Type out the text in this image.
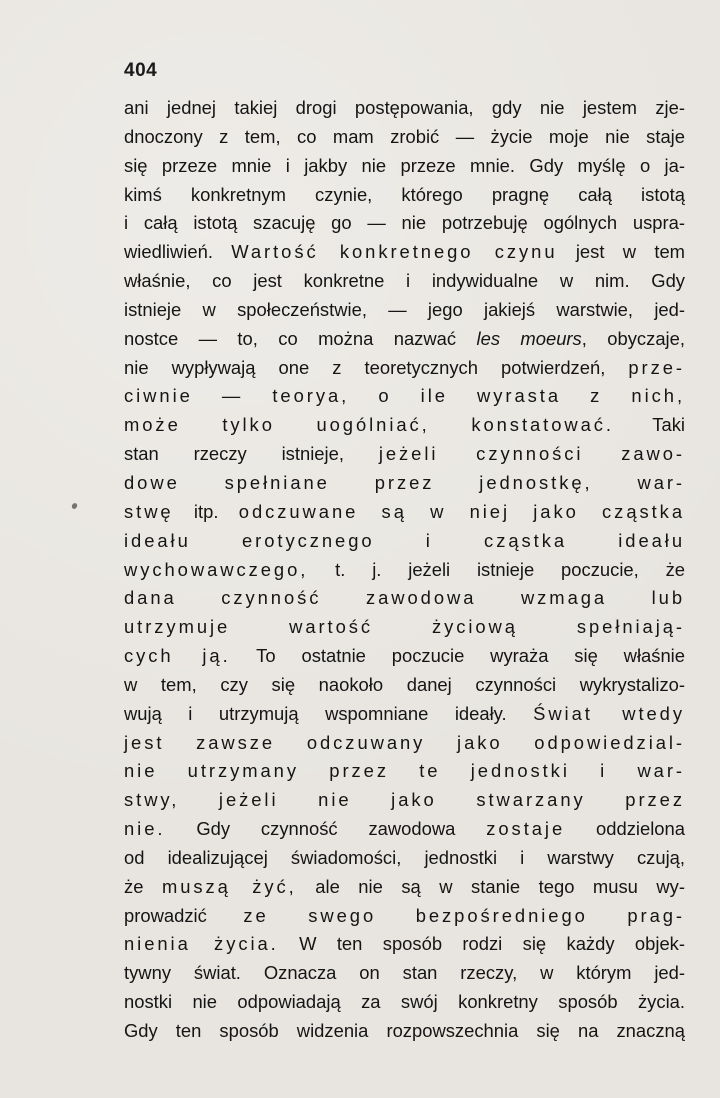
404
ani jednej takiej drogi postępowania, gdy nie jestem zje-
dnoczony z tem, co mam zrobić — życie moje nie staje
się przeze mnie i jakby nie przeze mnie. Gdy myślę o ja-
kimś konkretnym czynie, którego pragnę całą istotą
i całą istotą szacuję go — nie potrzebuję ogólnych uspra-
wiedliwień. Wartość konkretnego czynu jest w tem
właśnie, co jest konkretne i indywidualne w nim. Gdy
istnieje w społeczeństwie, — jego jakiejś warstwie, jed-
nostce — to, co można nazwać les moeurs, obyczaje,
nie wypływają one z teoretycznych potwierdzeń, prze-
ciwnie — teorya, o ile wyrasta z nich,
może tylko uogólniać, konstatować. Taki
stan rzeczy istnieje, jeżeli czynności zawo-
dowe spełniane przez jednostkę, war-
stwę itp. odczuwane są w niej jako cząstka
ideału erotycznego i cząstka ideału
wychowawczego, t. j. jeżeli istnieje poczucie, że
dana czynność zawodowa wzmaga lub
utrzymuje wartość życiową spełniają-
cych ją. To ostatnie poczucie wyraża się właśnie
w tem, czy się naokoło danej czynności wykrystalizo-
wują i utrzymują wspomniane ideały. Świat wtedy
jest zawsze odczuwany jako odpowiedzial-
nie utrzymany przez te jednostki i war-
stwy, jeżeli nie jako stwarzany przez
nie. Gdy czynność zawodowa zostaje oddzielona
od idealizującej świadomości, jednostki i warstwy czują,
że muszą żyć, ale nie są w stanie tego musu wy-
prowadzić ze swego bezpośredniego prag-
nienia życia. W ten sposób rodzi się każdy objek-
tywny świat. Oznacza on stan rzeczy, w którym jed-
nostki nie odpowiadają za swój konkretny sposób życia.
Gdy ten sposób widzenia rozpowszechnia się na znaczną
